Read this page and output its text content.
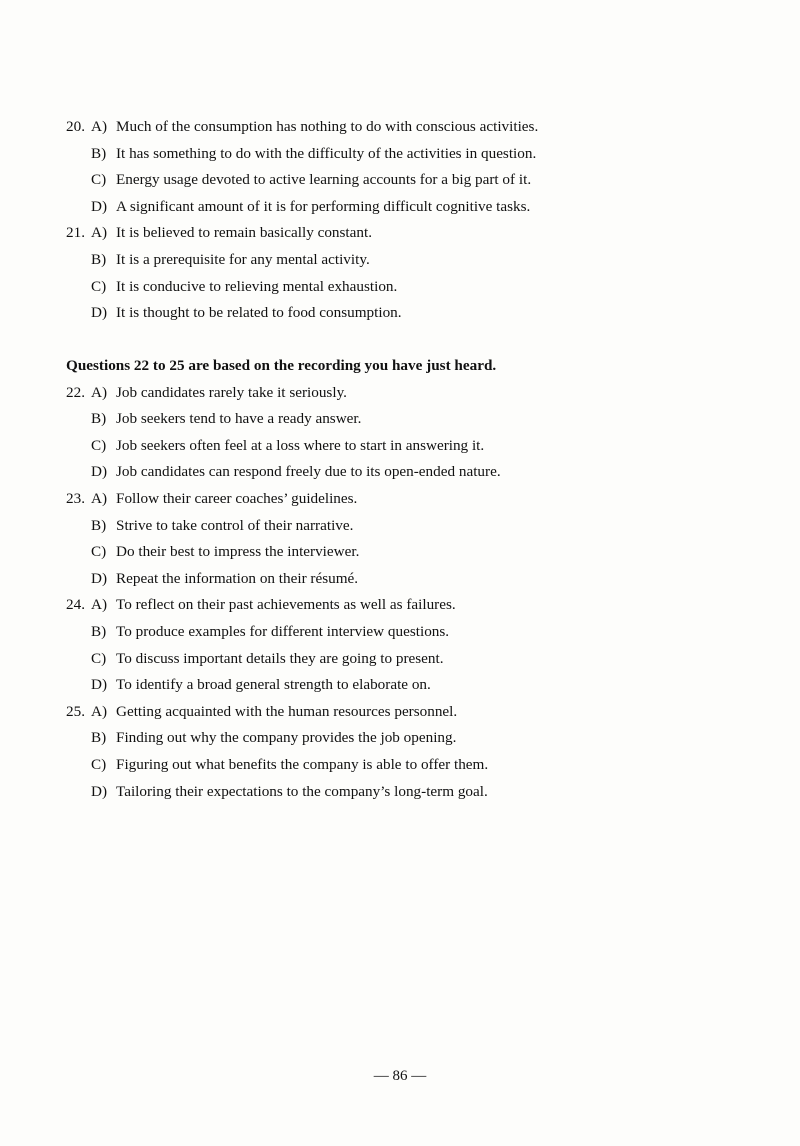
20. A) Much of the consumption has nothing to do with conscious activities.
B) It has something to do with the difficulty of the activities in question.
C) Energy usage devoted to active learning accounts for a big part of it.
D) A significant amount of it is for performing difficult cognitive tasks.
21. A) It is believed to remain basically constant.
B) It is a prerequisite for any mental activity.
C) It is conducive to relieving mental exhaustion.
D) It is thought to be related to food consumption.
Questions 22 to 25 are based on the recording you have just heard.
22. A) Job candidates rarely take it seriously.
B) Job seekers tend to have a ready answer.
C) Job seekers often feel at a loss where to start in answering it.
D) Job candidates can respond freely due to its open-ended nature.
23. A) Follow their career coaches’ guidelines.
B) Strive to take control of their narrative.
C) Do their best to impress the interviewer.
D) Repeat the information on their résumé.
24. A) To reflect on their past achievements as well as failures.
B) To produce examples for different interview questions.
C) To discuss important details they are going to present.
D) To identify a broad general strength to elaborate on.
25. A) Getting acquainted with the human resources personnel.
B) Finding out why the company provides the job opening.
C) Figuring out what benefits the company is able to offer them.
D) Tailoring their expectations to the company’s long-term goal.
— 86 —
